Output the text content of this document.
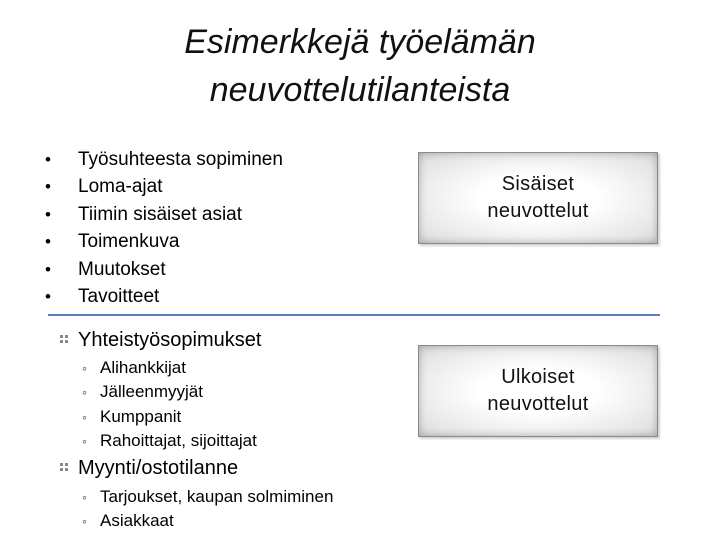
Esimerkkejä työelämän
neuvottelutilanteista
• Työsuhteesta sopiminen
• Loma-ajat
• Tiimin sisäiset asiat
• Toimenkuva
• Muutokset
• Tavoitteet
Sisäiset
neuvottelut
Yhteistyösopimukset
◦ Alihankkijat
◦ Jälleenmyyjät
◦ Kumppanit
◦ Rahoittajat, sijoittajat
Myynti/ostotilanne
◦ Tarjoukset, kaupan solmiminen
◦ Asiakkaat
Ulkoiset
neuvottelut
